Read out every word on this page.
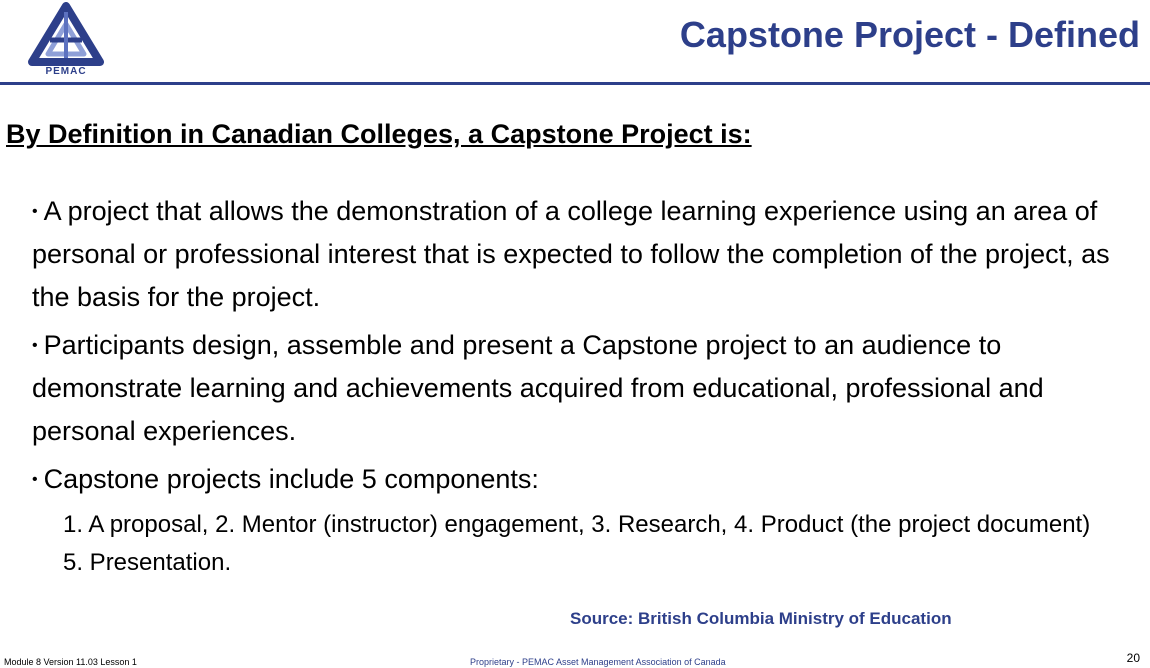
PEMAC
Capstone Project - Defined
By Definition in Canadian Colleges, a Capstone Project is:

• A project that allows the demonstration of a college learning experience using an area of personal or professional interest that is expected to follow the completion of the project, as the basis for the project.

• Participants design, assemble and present a Capstone project to an audience to demonstrate learning and achievements acquired from educational, professional and personal experiences.

• Capstone projects include 5 components:

1. A proposal, 2. Mentor (instructor) engagement, 3. Research, 4. Product (the project document) 5. Presentation.

Source: British Columbia Ministry of Education
Module 8 Version 11.03 Lesson 1	Proprietary - PEMAC Asset Management Association of Canada	20
